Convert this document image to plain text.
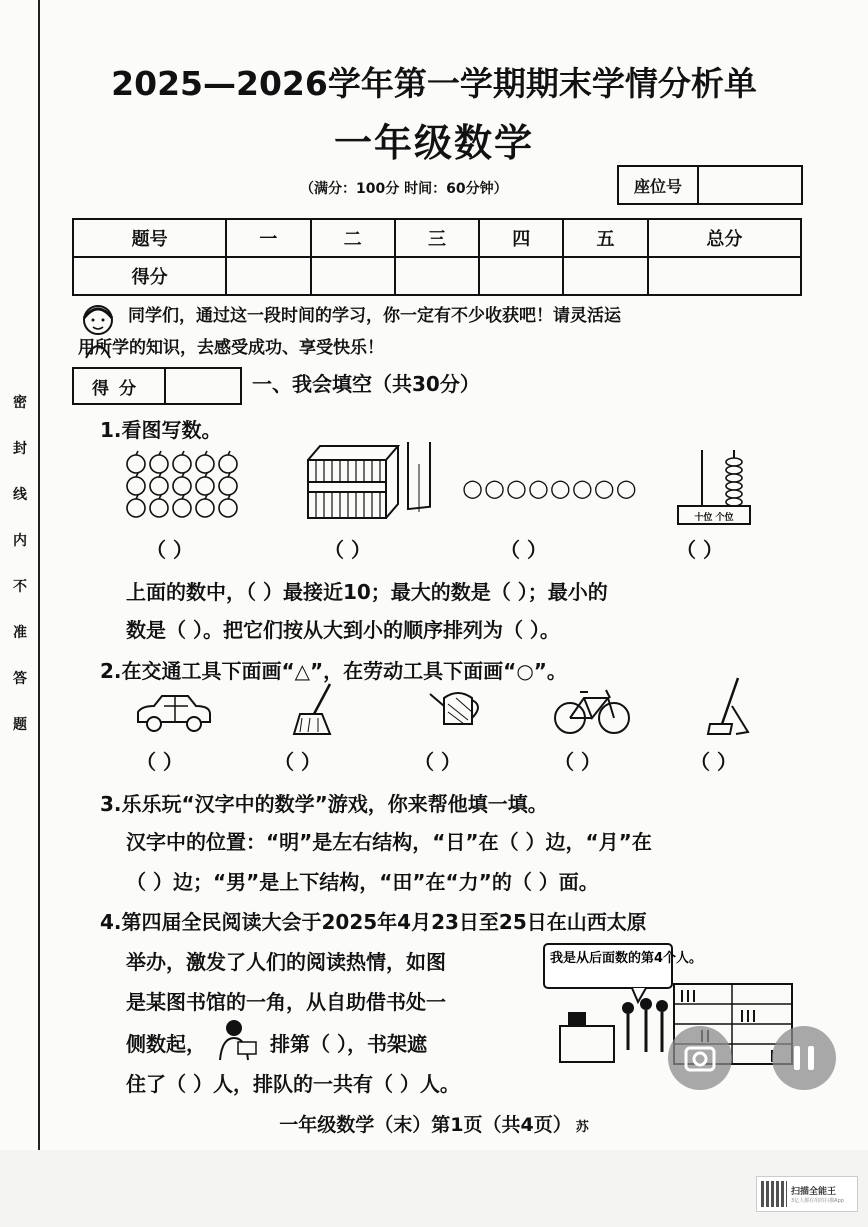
密封线内不准答题
2025—2026学年第一学期期末学情分析单
一年级数学
（满分：100分 时间：60分钟）	座位号
题号	一	二	三	四	五	总分
得分						
同学们，通过这一段时间的学习，你一定有不少收获吧！请灵活运
用所学的知识，去感受成功、享受快乐！
得分	一、我会填空（共30分）
1.看图写数。
○○○○○○○○
十位 个位
（ ）	（ ）	（ ）	（ ）
上面的数中，（ ）最接近10；最大的数是（ ）；最小的
数是（ ）。把它们按从大到小的顺序排列为（ ）。
2.在交通工具下面画“△”，在劳动工具下面画“○”。
（ ）	（ ）	（ ）	（ ）	（ ）
3.乐乐玩“汉字中的数学”游戏，你来帮他填一填。
汉字中的位置：“明”是左右结构，“日”在（ ）边，“月”在
（ ）边；“男”是上下结构，“田”在“力”的（ ）面。
4.第四届全民阅读大会于2025年4月23日至25日在山西太原
举办，激发了人们的阅读热情，如图
是某图书馆的一角，从自助借书处一
侧数起，	排第（ ），书架遮
住了（ ）人，排队的一共有（ ）人。
我是从后面数的第4个人。
一年级数学（末）第1页（共4页） 苏
扫描全能王
3亿人都在用的扫描App
